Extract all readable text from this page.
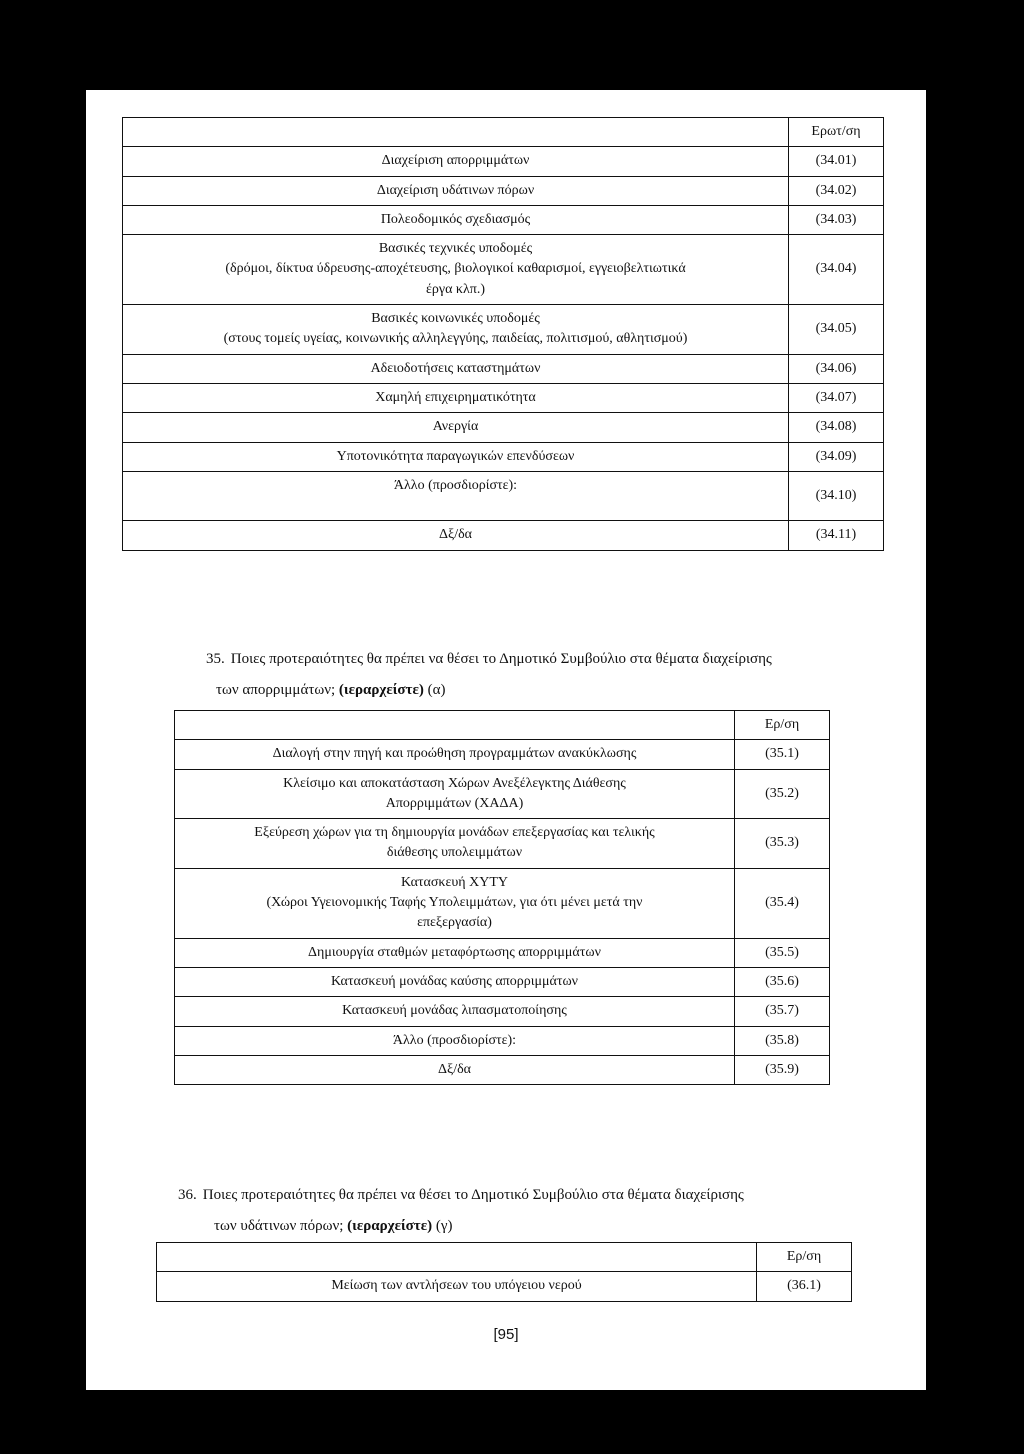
	Ερωτ/ση

Διαχείριση απορριμμάτων	(34.01)

Διαχείριση υδάτινων πόρων	(34.02)

Πολεοδομικός σχεδιασμός	(34.03)

Βασικές τεχνικές υποδομές
(δρόμοι, δίκτυα ύδρευσης-αποχέτευσης, βιολογικοί καθαρισμοί, εγγειοβελτιωτικά
έργα κλπ.)	(34.04)

Βασικές κοινωνικές υποδομές
(στους τομείς υγείας, κοινωνικής αλληλεγγύης, παιδείας, πολιτισμού, αθλητισμού)	(34.05)

Αδειοδοτήσεις καταστημάτων	(34.06)

Χαμηλή επιχειρηματικότητα	(34.07)

Ανεργία	(34.08)

Υποτονικότητα παραγωγικών επενδύσεων	(34.09)

Άλλο (προσδιορίστε):	(34.10)

Δξ/δα	(34.11)
35. Ποιες προτεραιότητες θα πρέπει να θέσει το Δημοτικό Συμβούλιο στα θέματα διαχείρισης
των απορριμμάτων; (ιεραρχείστε) (α)
	Ερ/ση

Διαλογή στην πηγή και προώθηση προγραμμάτων ανακύκλωσης	(35.1)

Κλείσιμο και αποκατάσταση Χώρων Ανεξέλεγκτης Διάθεσης
Απορριμμάτων (ΧΑΔΑ)	(35.2)

Εξεύρεση χώρων για τη δημιουργία μονάδων επεξεργασίας και τελικής
διάθεσης υπολειμμάτων	(35.3)

Κατασκευή ΧΥΤΥ
(Χώροι Υγειονομικής Ταφής Υπολειμμάτων, για ότι μένει μετά την
επεξεργασία)	(35.4)

Δημιουργία σταθμών μεταφόρτωσης απορριμμάτων	(35.5)

Κατασκευή μονάδας καύσης απορριμμάτων	(35.6)

Κατασκευή μονάδας λιπασματοποίησης	(35.7)

Άλλο (προσδιορίστε):	(35.8)

Δξ/δα	(35.9)
36. Ποιες προτεραιότητες θα πρέπει να θέσει το Δημοτικό Συμβούλιο στα θέματα διαχείρισης
των υδάτινων πόρων; (ιεραρχείστε) (γ)
	Ερ/ση

Μείωση των αντλήσεων του υπόγειου νερού	(36.1)
[95]
